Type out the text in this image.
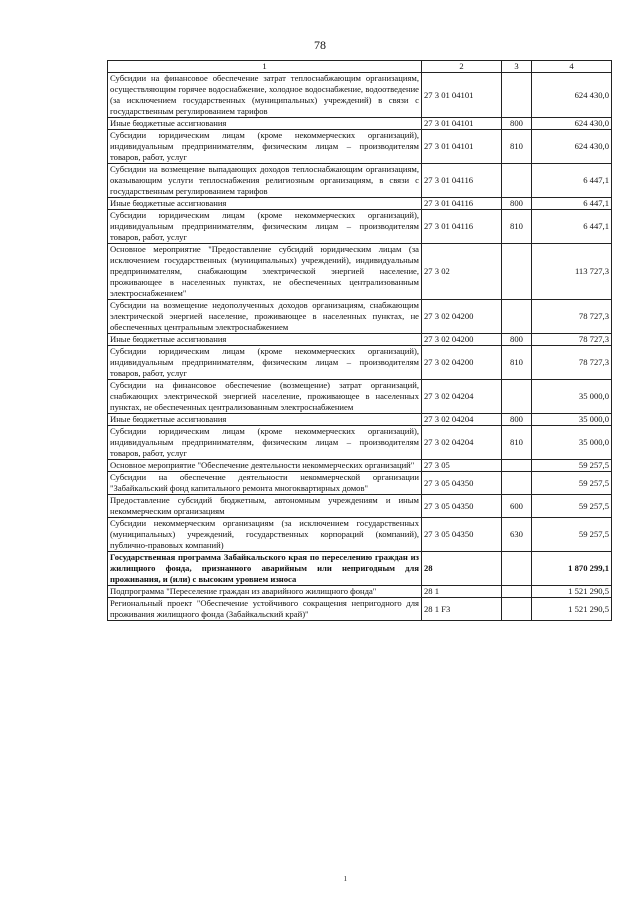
78
1	2	3	4
Субсидии на финансовое обеспечение затрат теплоснабжающим организациям, осуществляющим горячее водоснабжение, холодное водоснабжение, водоотведение (за исключением государственных (муниципальных) учреждений) в связи с государственным регулированием тарифов	27 3 01 04101		624 430,0
Иные бюджетные ассигнования	27 3 01 04101	800	624 430,0
Субсидии юридическим лицам (кроме некоммерческих организаций), индивидуальным предпринимателям, физическим лицам – производителям товаров, работ, услуг	27 3 01 04101	810	624 430,0
Субсидии на возмещение выпадающих доходов теплоснабжающим организациям, оказывающим услуги теплоснабжения религиозным организациям, в связи с государственным регулированием тарифов	27 3 01 04116		6 447,1
Иные бюджетные ассигнования	27 3 01 04116	800	6 447,1
Субсидии юридическим лицам (кроме некоммерческих организаций), индивидуальным предпринимателям, физическим лицам – производителям товаров, работ, услуг	27 3 01 04116	810	6 447,1
Основное мероприятие "Предоставление субсидий юридическим лицам (за исключением государственных (муниципальных) учреждений), индивидуальным предпринимателям, снабжающим электрической энергией население, проживающее в населенных пунктах, не обеспеченных централизованным электроснабжением"	27 3 02		113 727,3
Субсидии на возмещение недополученных доходов организациям, снабжающим электрической энергией население, проживающее в населенных пунктах, не обеспеченных центральным электроснабжением	27 3 02 04200		78 727,3
Иные бюджетные ассигнования	27 3 02 04200	800	78 727,3
Субсидии юридическим лицам (кроме некоммерческих организаций), индивидуальным предпринимателям, физическим лицам – производителям товаров, работ, услуг	27 3 02 04200	810	78 727,3
Субсидии на финансовое обеспечение (возмещение) затрат организаций, снабжающих электрической энергией население, проживающее в населенных пунктах, не обеспеченных централизованным электроснабжением	27 3 02 04204		35 000,0
Иные бюджетные ассигнования	27 3 02 04204	800	35 000,0
Субсидии юридическим лицам (кроме некоммерческих организаций), индивидуальным предпринимателям, физическим лицам – производителям товаров, работ, услуг	27 3 02 04204	810	35 000,0
Основное мероприятие "Обеспечение деятельности некоммерческих организаций"	27 3 05		59 257,5
Субсидии на обеспечение деятельности некоммерческой организации "Забайкальский фонд капитального ремонта многоквартирных домов"	27 3 05 04350		59 257,5
Предоставление субсидий бюджетным, автономным учреждениям и иным некоммерческим организациям	27 3 05 04350	600	59 257,5
Субсидии некоммерческим организациям (за исключением государственных (муниципальных) учреждений, государственных корпораций (компаний), публично-правовых компаний)	27 3 05 04350	630	59 257,5
Государственная программа Забайкальского края по переселению граждан из жилищного фонда, признанного аварийным или непригодным для проживания, и (или) с высоким уровнем износа	28		1 870 299,1
Подпрограмма "Переселение граждан из аварийного жилищного фонда"	28 1		1 521 290,5
Региональный проект "Обеспечение устойчивого сокращения непригодного для проживания жилищного фонда (Забайкальский край)"	28 1 F3		1 521 290,5
ı
